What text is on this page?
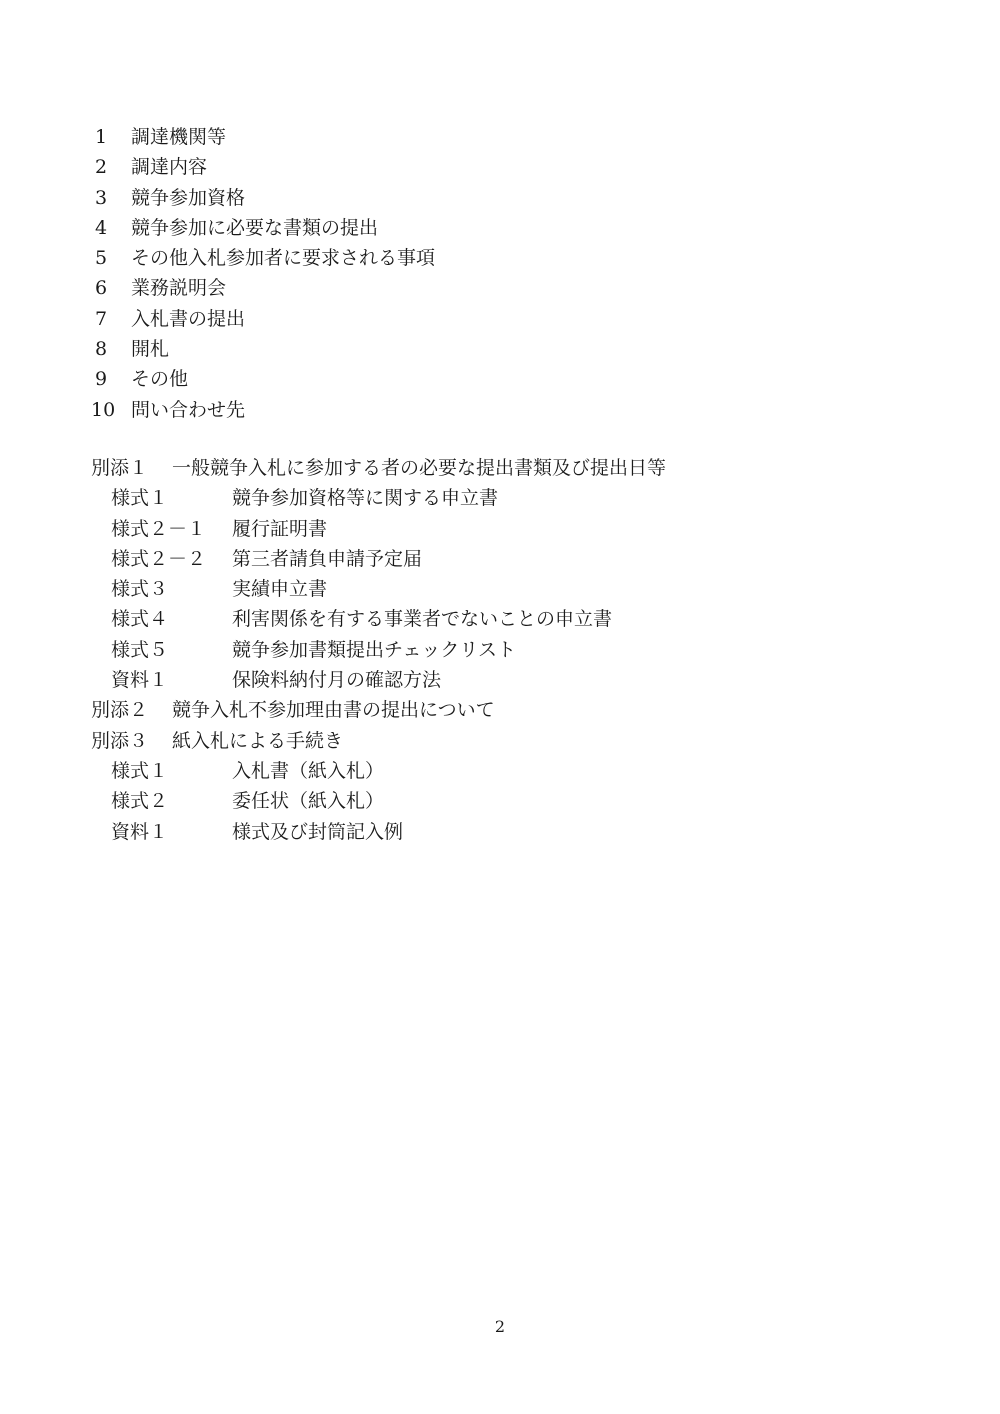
1 調達機関等
2 調達内容
3 競争参加資格
4 競争参加に必要な書類の提出
5 その他入札参加者に要求される事項
6 業務説明会
7 入札書の提出
8 開札
9 その他
10 問い合わせ先
別添１ 一般競争入札に参加する者の必要な提出書類及び提出日等
様式１	競争参加資格等に関する申立書
様式２－１ 履行証明書
様式２－２ 第三者請負申請予定届
様式３	実績申立書
様式４	利害関係を有する事業者でないことの申立書
様式５	競争参加書類提出チェックリスト
資料１	保険料納付月の確認方法
別添２ 競争入札不参加理由書の提出について
別添３ 紙入札による手続き
様式１	入札書（紙入札）
様式２	委任状（紙入札）
資料１	様式及び封筒記入例
2
